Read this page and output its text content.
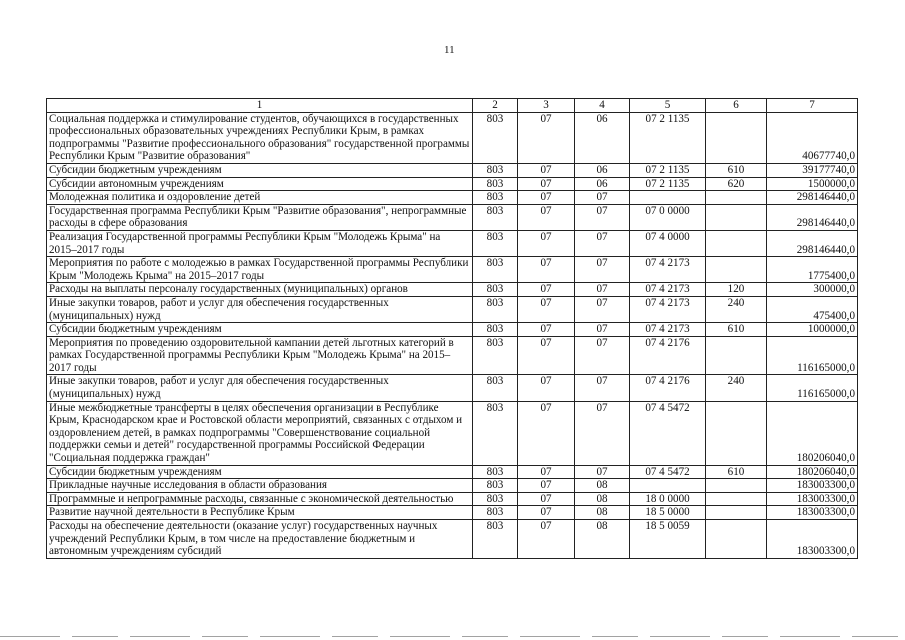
11
1	2	3	4	5	6	7
Социальная поддержка и стимулирование студентов, обучающихся в государственных профессиональных образовательных учреждениях Республики Крым, в рамках подпрограммы "Развитие профессионального образования" государственной программы Республики Крым "Развитие образования"	803	07	06	07 2 1135		40677740,0
Субсидии бюджетным учреждениям	803	07	06	07 2 1135	610	39177740,0
Субсидии автономным учреждениям	803	07	06	07 2 1135	620	1500000,0
Молодежная политика и оздоровление детей	803	07	07			298146440,0
Государственная программа Республики Крым "Развитие образования", непрограммные расходы в сфере образования	803	07	07	07 0 0000		298146440,0
Реализация Государственной программы Республики Крым "Молодежь Крыма" на 2015–2017 годы	803	07	07	07 4 0000		298146440,0
Мероприятия по работе с молодежью в рамках Государственной программы Республики Крым "Молодежь Крыма" на 2015–2017 годы	803	07	07	07 4 2173		1775400,0
Расходы на выплаты персоналу государственных (муниципальных) органов	803	07	07	07 4 2173	120	300000,0
Иные закупки товаров, работ и услуг для обеспечения государственных (муниципальных) нужд	803	07	07	07 4 2173	240	475400,0
Субсидии бюджетным учреждениям	803	07	07	07 4 2173	610	1000000,0
Мероприятия по проведению оздоровительной кампании детей льготных категорий в рамках Государственной программы Республики Крым "Молодежь Крыма" на 2015–2017 годы	803	07	07	07 4 2176		116165000,0
Иные закупки товаров, работ и услуг для обеспечения государственных (муниципальных) нужд	803	07	07	07 4 2176	240	116165000,0
Иные межбюджетные трансферты в целях обеспечения организации в Республике Крым, Краснодарском крае и Ростовской области мероприятий, связанных с отдыхом и оздоровлением детей, в рамках подпрограммы "Совершенствование социальной поддержки семьи и детей" государственной программы Российской Федерации "Социальная поддержка граждан"	803	07	07	07 4 5472		180206040,0
Субсидии бюджетным учреждениям	803	07	07	07 4 5472	610	180206040,0
Прикладные научные исследования в области образования	803	07	08			183003300,0
Программные и непрограммные расходы, связанные с экономической деятельностью	803	07	08	18 0 0000		183003300,0
Развитие научной деятельности в Республике Крым	803	07	08	18 5 0000		183003300,0
Расходы на обеспечение деятельности (оказание услуг) государственных научных учреждений Республики Крым, в том числе на предоставление бюджетным и автономным учреждениям субсидий	803	07	08	18 5 0059		183003300,0
